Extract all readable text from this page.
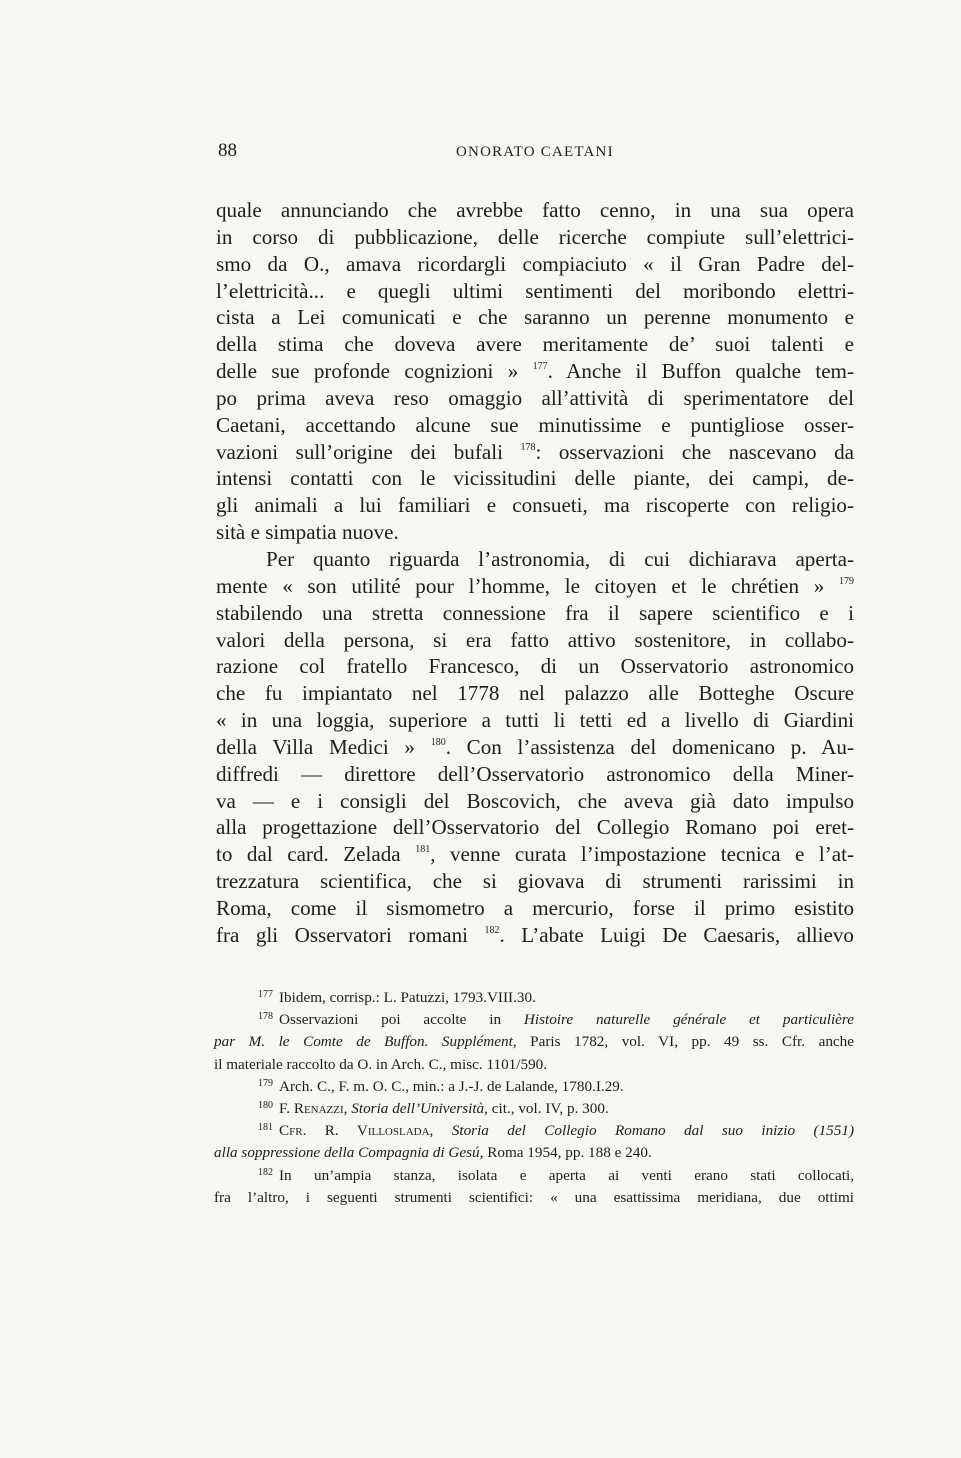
88	ONORATO CAETANI
quale annunciando che avrebbe fatto cenno, in una sua opera
in corso di pubblicazione, delle ricerche compiute sull’elettrici-
smo da O., amava ricordargli compiaciuto « il Gran Padre del-
l’elettricità... e quegli ultimi sentimenti del moribondo elettri-
cista a Lei comunicati e che saranno un perenne monumento e
della stima che doveva avere meritamente de’ suoi talenti e
delle sue profonde cognizioni » $^{177}$. Anche il Buffon qualche tem-
po prima aveva reso omaggio all’attività di sperimentatore del
Caetani, accettando alcune sue minutissime e puntigliose osser-
vazioni sull’origine dei bufali $^{178}$: osservazioni che nascevano da
intensi contatti con le vicissitudini delle piante, dei campi, de-
gli animali a lui familiari e consueti, ma riscoperte con religio-
sità e simpatia nuove.
Per quanto riguarda l’astronomia, di cui dichiarava aperta-
mente « son utilité pour l’homme, le citoyen et le chrétien » $^{179}$
stabilendo una stretta connessione fra il sapere scientifico e i
valori della persona, si era fatto attivo sostenitore, in collabo-
razione col fratello Francesco, di un Osservatorio astronomico
che fu impiantato nel 1778 nel palazzo alle Botteghe Oscure
« in una loggia, superiore a tutti li tetti ed a livello di Giardini
della Villa Medici » $^{180}$. Con l’assistenza del domenicano p. Au-
diffredi — direttore dell’Osservatorio astronomico della Miner-
va — e i consigli del Boscovich, che aveva già dato impulso
alla progettazione dell’Osservatorio del Collegio Romano poi eret-
to dal card. Zelada $^{181}$, venne curata l’impostazione tecnica e l’at-
trezzatura scientifica, che si giovava di strumenti rarissimi in
Roma, come il sismometro a mercurio, forse il primo esistito
fra gli Osservatori romani $^{182}$. L’abate Luigi De Caesaris, allievo
$^{177}$ Ibidem, corrisp.: L. Patuzzi, 1793.VIII.30.
$^{178}$ Osservazioni poi accolte in Histoire naturelle générale et particulière
par M. le Comte de Buffon. Supplément, Paris 1782, vol. VI, pp. 49 ss. Cfr. anche
il materiale raccolto da O. in Arch. C., misc. 1101/590.
$^{179}$ Arch. C., F. m. O. C., min.: a J.-J. de Lalande, 1780.I.29.
$^{180}$ F. Renazzi, Storia dell’Università, cit., vol. IV, p. 300.
$^{181}$ Cfr. R. Villoslada, Storia del Collegio Romano dal suo inizio (1551)
alla soppressione della Compagnia di Gesú, Roma 1954, pp. 188 e 240.
$^{182}$ In un’ampia stanza, isolata e aperta ai venti erano stati collocati,
fra l’altro, i seguenti strumenti scientifici: « una esattissima meridiana, due ottimi
